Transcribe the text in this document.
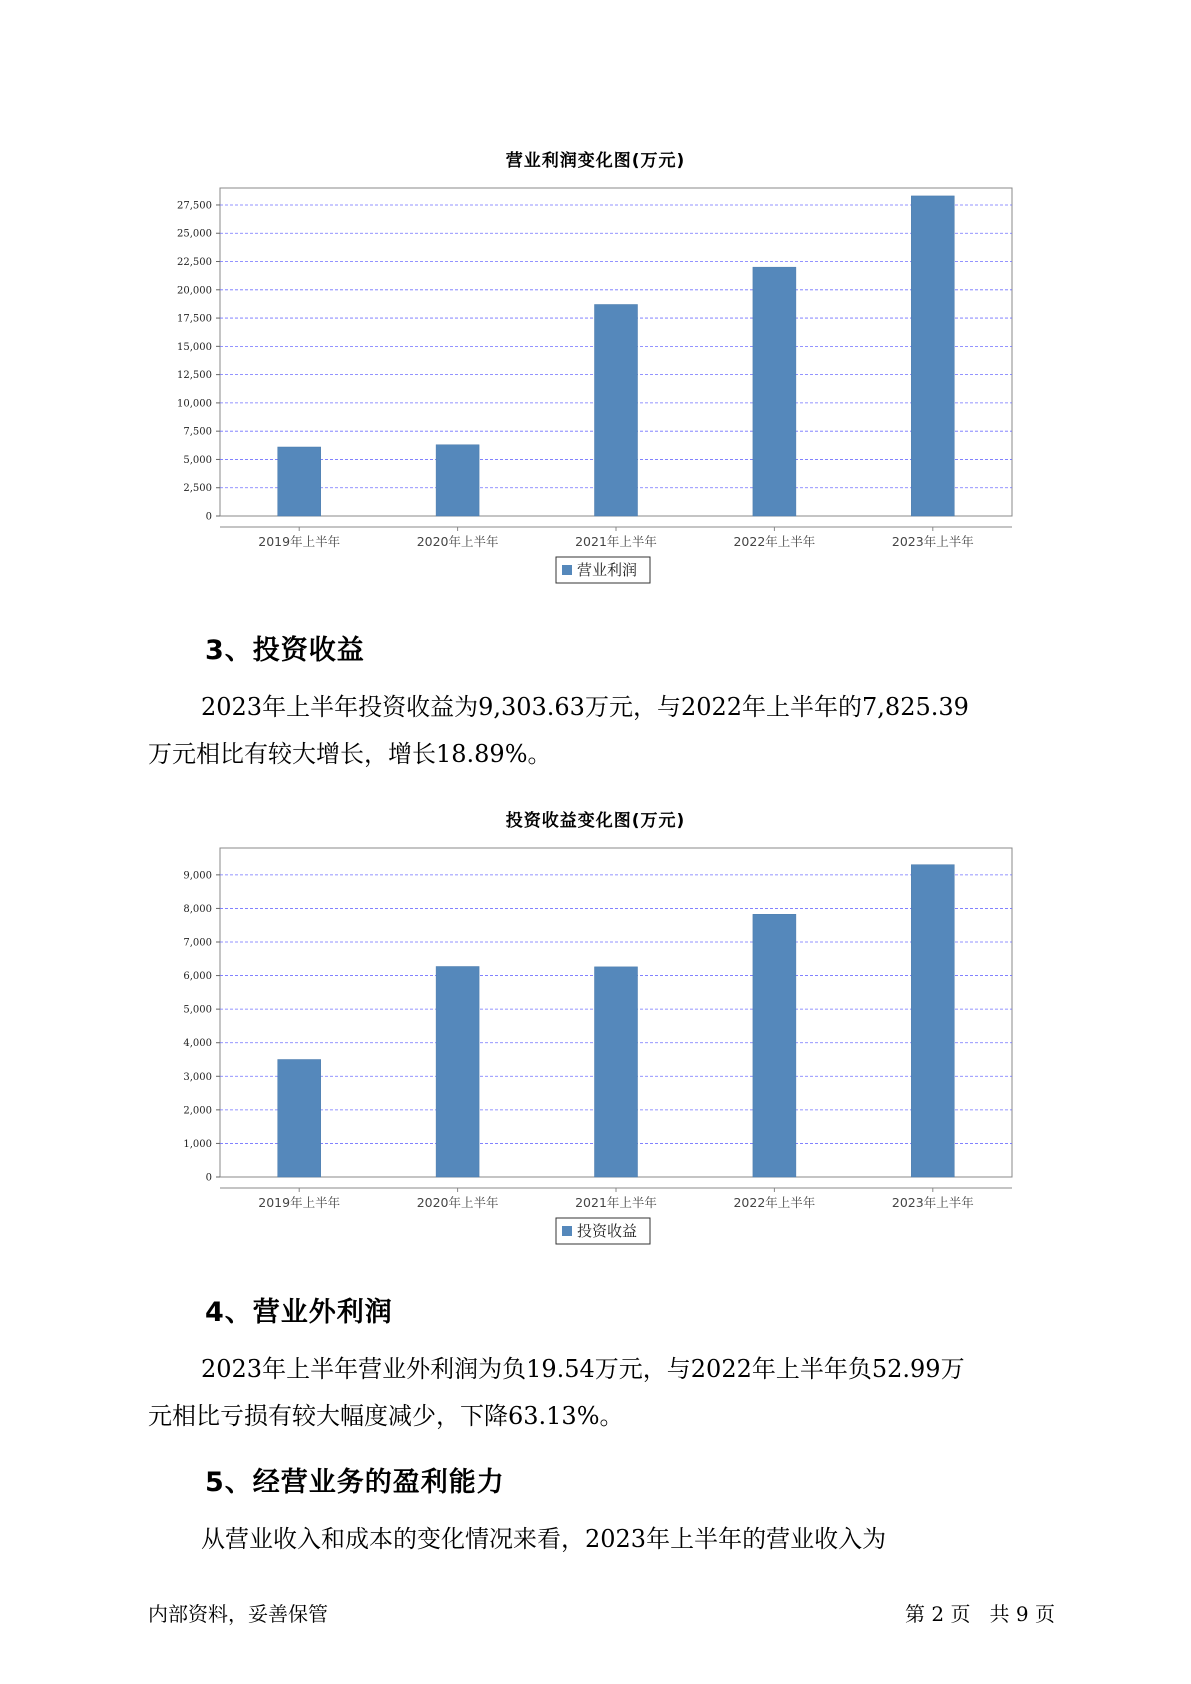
营业利润变化图(万元)
0
2,500
5,000
7,500
10,000
12,500
15,000
17,500
20,000
22,500
25,000
27,500
2019年上半年	2020年上半年	2021年上半年	2022年上半年	2023年上半年
营业利润
3、投资收益
2023年上半年投资收益为9,303.63万元，与2022年上半年的7,825.39
万元相比有较大增长，增长18.89%。
投资收益变化图(万元)
0
1,000
2,000
3,000
4,000
5,000
6,000
7,000
8,000
9,000
2019年上半年	2020年上半年	2021年上半年	2022年上半年	2023年上半年
投资收益
4、营业外利润
2023年上半年营业外利润为负19.54万元，与2022年上半年负52.99万
元相比亏损有较大幅度减少，下降63.13%。
5、经营业务的盈利能力
从营业收入和成本的变化情况来看，2023年上半年的营业收入为
内部资料，妥善保管	第 2 页   共 9 页
